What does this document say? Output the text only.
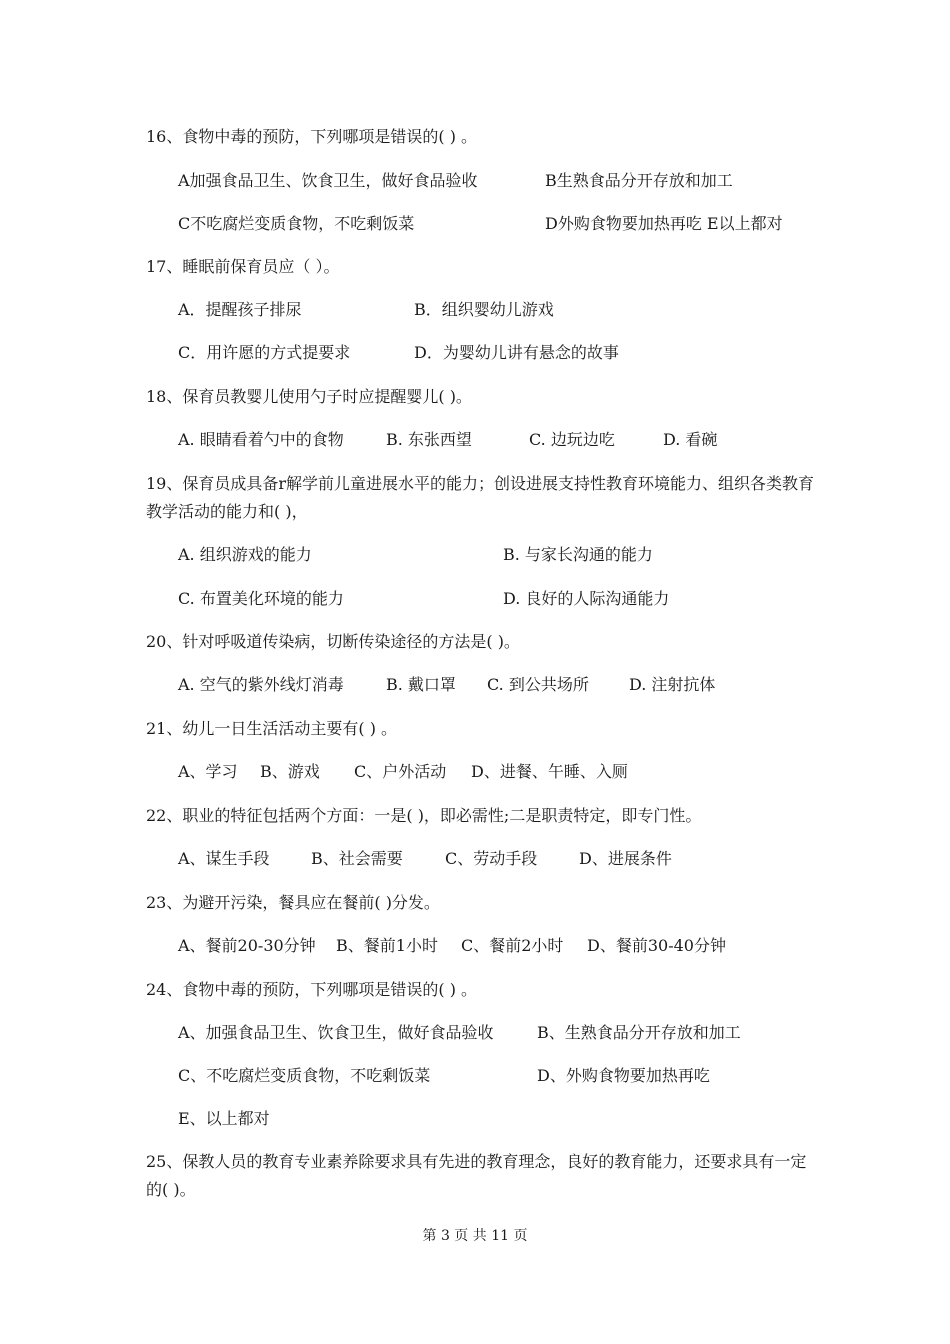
16、食物中毒的预防，下列哪项是错误的( ) 。
A加强食品卫生、饮食卫生，做好食品验收	B生熟食品分开存放和加工
C不吃腐烂变质食物，不吃剩饭菜	D外购食物要加热再吃 E以上都对
17、睡眠前保育员应（ ）。
A．提醒孩子排尿	B．组织婴幼儿游戏
C．用许愿的方式提要求	D．为婴幼儿讲有悬念的故事
18、保育员教婴儿使用勺子时应提醒婴儿( )。
A. 眼睛看着勺中的食物	B. 东张西望	C. 边玩边吃	D. 看碗
19、保育员成具备r解学前儿童进展水平的能力；创设进展支持性教育环境能力、组织各类教育教学活动的能力和( )，
A. 组织游戏的能力	B. 与家长沟通的能力
C. 布置美化环境的能力	D. 良好的人际沟通能力
20、针对呼吸道传染病，切断传染途径的方法是( )。
A. 空气的紫外线灯消毒	B. 戴口罩 C. 到公共场所	D. 注射抗体
21、幼儿一日生活活动主要有( ) 。
A、学习 B、游戏 C、户外活动 D、进餐、午睡、入厕
22、职业的特征包括两个方面：一是( )，即必需性;二是职责特定，即专门性。
A、谋生手段	B、社会需要	C、劳动手段	D、进展条件
23、为避开污染，餐具应在餐前( )分发。
A、餐前20-30分钟 B、餐前1小时 C、餐前2小时 D、餐前30-40分钟
24、食物中毒的预防，下列哪项是错误的( ) 。
A、加强食品卫生、饮食卫生，做好食品验收	B、生熟食品分开存放和加工
C、不吃腐烂变质食物，不吃剩饭菜	D、外购食物要加热再吃
E、以上都对
25、保教人员的教育专业素养除要求具有先进的教育理念，良好的教育能力，还要求具有一定的( )。
第 3 页 共 11 页
